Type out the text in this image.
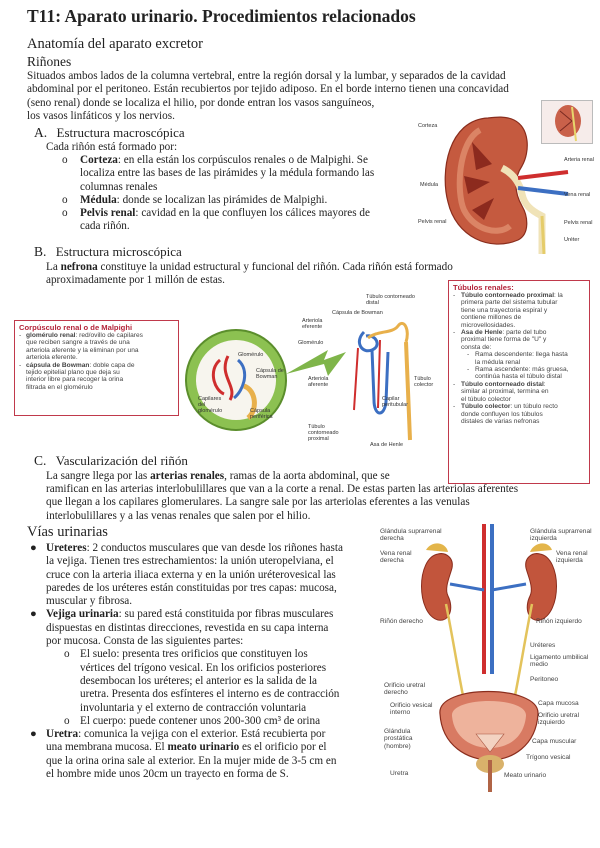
T11: Aparato urinario. Procedimientos relacionados
Anatomía del aparato excretor
Riñones
Situados ambos lados de la columna vertebral, entre la región dorsal y la lumbar, y separados de la cavidad
abdominal por el peritoneo. Están recubiertos por tejido adiposo. En el borde interno tienen una concavidad
(seno renal) donde se localiza el hilio, por donde entran los vasos sanguíneos,
los vasos linfáticos y los nervios.
A. Estructura macroscópica
Cada riñón está formado por:
o Corteza: en ella están los corpúsculos renales o de Malpighi. Se
localiza entre las bases de las pirámides y la médula formando las
columnas renales
o Médula: donde se localizan las pirámides de Malpighi.
o Pelvis renal: cavidad en la que confluyen los cálices mayores de
cada riñón.
Corteza
Médula
Pelvis renal
Arteria renal
Vena renal
Pelvis renal
Uréter
B. Estructura microscópica
La nefrona constituye la unidad estructural y funcional del riñón. Cada riñón está formado
aproximadamente por 1 millón de estas.
Corpúsculo renal o de Malpighi
- glomérulo renal: red/ovillo de capilares
que reciben sangre a través de una
arteriola aferente y la eliminan por una
arteriola eferente.
- cápsula de Bowman: doble capa de
tejido epitelial plano que deja su
interior libre para recoger la orina
filtrada en el glomérulo
Glomérulo
Cápsula de Bowman
Capilares del glomérulo	Cápsula periférica
Túbulo contorneado distal
Cápsula de Bowman
Arteriola eferente
Glomérulo
Arteriola aferente
Túbulo colector
Capilar peritubular
Túbulo contorneado proximal
Asa de Henle
Túbulos renales:
- Túbulo contorneado proximal: la
primera parte del sistema tubular
tiene una trayectoria espiral y
contiene millones de
microvellosidades.
- Asa de Henle: parte del tubo
proximal tiene forma de "U" y
consta de:
- Rama descendente: llega hasta
la médula renal
- Rama ascendente: más gruesa,
continúa hasta el túbulo distal
- Túbulo contorneado distal:
similar al proximal, termina en
el túbulo colector
- Túbulo colector: un túbulo recto
donde confluyen los túbulos
distales de varias nefronas
C. Vascularización del riñón
La sangre llega por las arterias renales, ramas de la aorta abdominal, que se
ramifican en las arterias interlobulillares que van a la corte a renal. De estas parten las arteriolas aferentes
que llegan a los capilares glomerulares. La sangre sale por las arteriolas eferentes a las venulas
interlobulillares y a las venas renales que salen por el hilio.
Vías urinarias
● Ureteres: 2 conductos musculares que van desde los riñones hasta
la vejiga. Tienen tres estrechamientos: la unión uteropelviana, el
cruce con la arteria iliaca externa y en la unión uréterovesical las
paredes de los uréteres están constituidas por tres capas: mucosa,
muscular y fibrosa.
● Vejiga urinaria: su pared está constituida por fibras musculares
dispuestas en distintas direcciones, revestida en su capa interna
por mucosa. Consta de las siguientes partes:
o El suelo: presenta tres orificios que constituyen los
vértices del trígono vesical. En los orificios posteriores
desembocan los uréteres; el anterior es la salida de la
uretra. Presenta dos esfínteres el interno es de contracción
involuntaria y el externo de contracción voluntaria
o El cuerpo: puede contener unos 200-300 cm³ de orina
● Uretra: comunica la vejiga con el exterior. Está recubierta por
una membrana mucosa. El meato urinario es el orificio por el
que la orina orina sale al exterior. En la mujer mide de 3-5 cm en
el hombre mide unos 20cm un trayecto en forma de S.
Glándula suprarrenal derecha
Glándula suprarrenal izquierda
Vena renal derecha
Vena renal izquierda
Riñón derecho	Riñón izquierdo
Uréteres
Ligamento umbilical medio
Peritoneo
Orificio uretral derecho
Orificio vesical interno
Capa mucosa
Orificio uretral izquierdo
Glándula prostática (hombre)
Capa muscular
Trígono vesical
Uretra	Meato urinario
